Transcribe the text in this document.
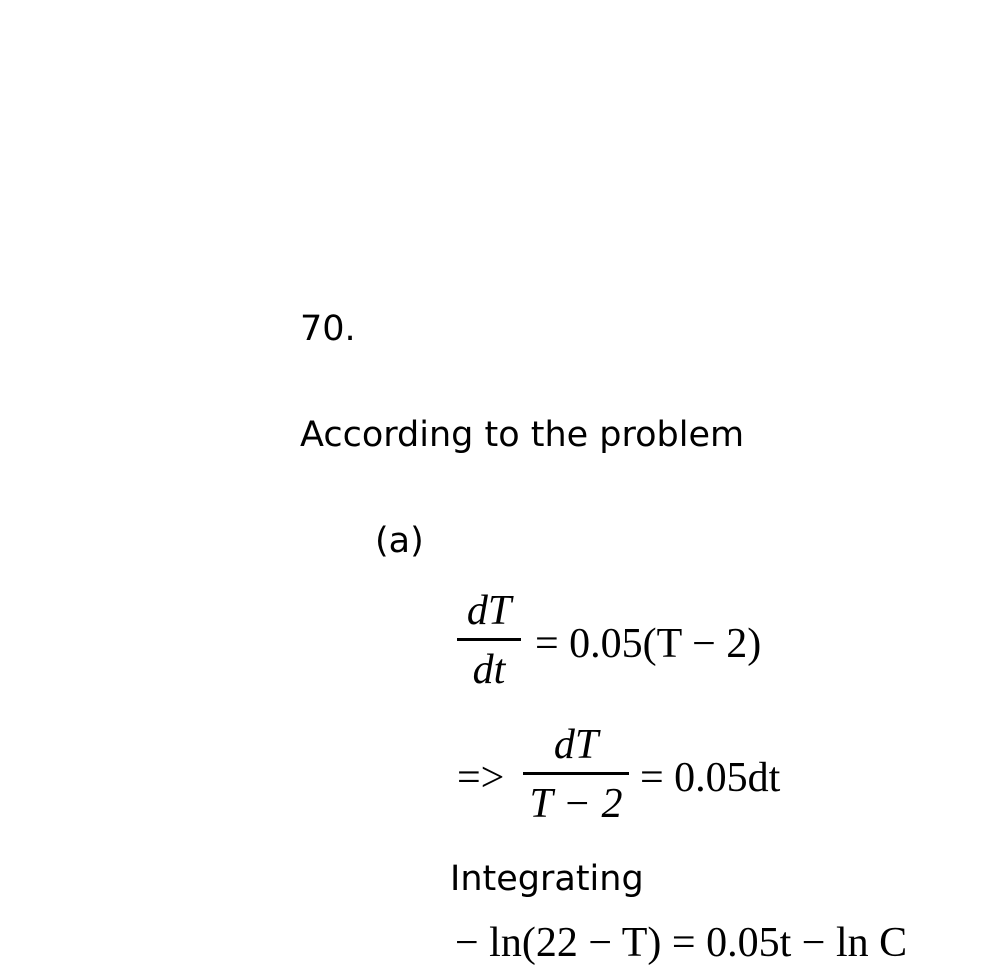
70.
According to the problem
(a)
dT
dt
= 0.05(T − 2)
=>
dT
T − 2
= 0.05dt
Integrating
− ln(22 − T) = 0.05t − ln C
